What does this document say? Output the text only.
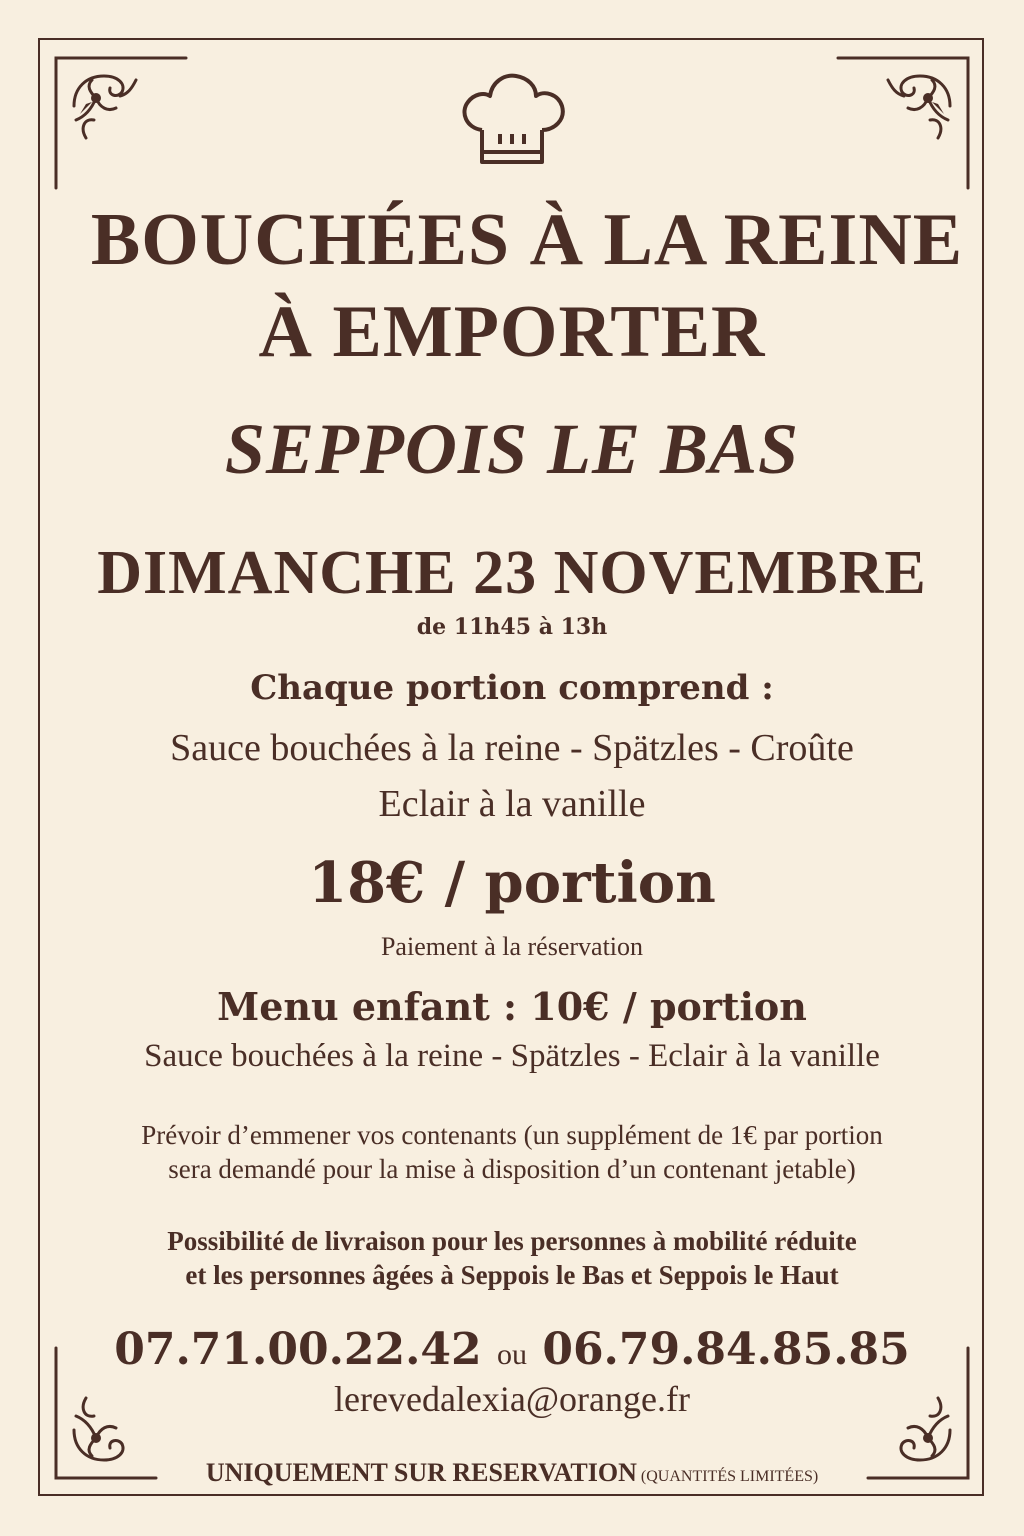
BOUCHÉES À LA REINE
À EMPORTER
SEPPOIS LE BAS
DIMANCHE 23 NOVEMBRE
de 11h45 à 13h
Chaque portion comprend :
Sauce bouchées à la reine - Spätzles - Croûte
Eclair à la vanille
18€ / portion
Paiement à la réservation
Menu enfant : 10€ / portion
Sauce bouchées à la reine - Spätzles - Eclair à la vanille
Prévoir d’emmener vos contenants (un supplément de 1€ par portion
sera demandé pour la mise à disposition d’un contenant jetable)
Possibilité de livraison pour les personnes à mobilité réduite
et les personnes âgées à Seppois le Bas et Seppois le Haut
07.71.00.22.42 ou 06.79.84.85.85
lerevedalexia@orange.fr
UNIQUEMENT SUR RESERVATION (QUANTITÉS LIMITÉES)
